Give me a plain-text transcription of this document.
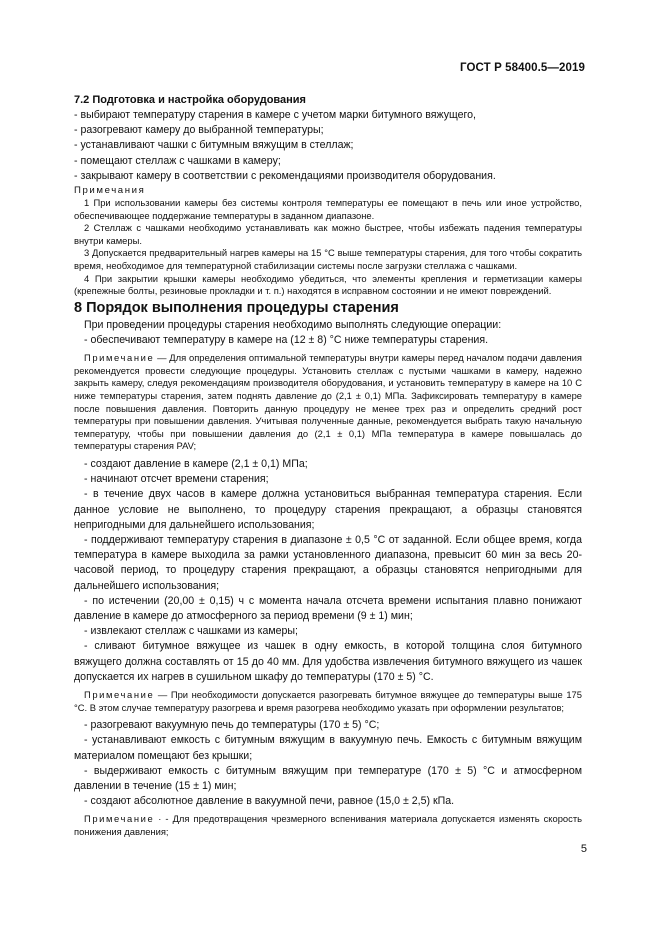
ГОСТ Р 58400.5—2019

7.2 Подготовка и настройка оборудования

- выбирают температуру старения в камере с учетом марки битумного вяжущего,

- разогревают камеру до выбранной температуры;

- устанавливают чашки с битумным вяжущим в стеллаж;

- помещают стеллаж с чашками в камеру;

- закрывают камеру в соответствии с рекомендациями производителя оборудования.

Примечания

1 При использовании камеры без системы контроля температуры ее помещают в печь или иное устройство, обеспечивающее поддержание температуры в заданном диапазоне.

2 Стеллаж с чашками необходимо устанавливать как можно быстрее, чтобы избежать падения температуры внутри камеры.

3 Допускается предварительный нагрев камеры на 15 °С выше температуры старения, для того чтобы сократить время, необходимое для температурной стабилизации системы после загрузки стеллажа с чашками.

4 При закрытии крышки камеры необходимо убедиться, что элементы крепления и герметизации камеры (крепежные болты, резиновые прокладки и т. п.) находятся в исправном состоянии и не имеют повреждений.

8 Порядок выполнения процедуры старения

При проведении процедуры старения необходимо выполнять следующие операции:

- обеспечивают температуру в камере на (12 ± 8) °С ниже температуры старения.

Примечание — Для определения оптимальной температуры внутри камеры перед началом подачи давления рекомендуется провести следующие процедуры. Установить стеллаж с пустыми чашками в камеру, надежно закрыть камеру, следуя рекомендациям производителя оборудования, и установить температуру в камере на 10 С ниже температуры старения, затем поднять давление до (2,1 ± 0,1) МПа. Зафиксировать температуру в камере после повышения давления. Повторить данную процедуру не менее трех раз и определить средний рост температуры при повышении давления. Учитывая полученные данные, рекомендуется выбрать такую начальную температуру, чтобы при повышении давления до (2,1 ± 0,1) МПа температура в камере повышалась до температуры старения PAV;

- создают давление в камере (2,1 ± 0,1) МПа;

- начинают отсчет времени старения;

- в течение двух часов в камере должна установиться выбранная температура старения. Если данное условие не выполнено, то процедуру старения прекращают, а образцы становятся непригодными для дальнейшего использования;

- поддерживают температуру старения в диапазоне ± 0,5 °С от заданной. Если общее время, когда температура в камере выходила за рамки установленного диапазона, превысит 60 мин за весь 20-часовой период, то процедуру старения прекращают, а образцы становятся непригодными для дальнейшего использования;

- по истечении (20,00 ± 0,15) ч с момента начала отсчета времени испытания плавно понижают давление в камере до атмосферного за период времени (9 ± 1) мин;

- извлекают стеллаж с чашками из камеры;

- сливают битумное вяжущее из чашек в одну емкость, в которой толщина слоя битумного вяжущего должна составлять от 15 до 40 мм. Для удобства извлечения битумного вяжущего из чашек допускается их нагрев в сушильном шкафу до температуры (170 ± 5) °С.

Примечание — При необходимости допускается разогревать битумное вяжущее до температуры выше 175 °С. В этом случае температуру разогрева и время разогрева необходимо указать при оформлении результатов;

- разогревают вакуумную печь до температуры (170 ± 5) °С;

- устанавливают емкость с битумным вяжущим в вакуумную печь. Емкость с битумным вяжущим материалом помещают без крышки;

- выдерживают емкость с битумным вяжущим при температуре (170 ± 5) °С и атмосферном давлении в течение (15 ± 1) мин;

- создают абсолютное давление в вакуумной печи, равное (15,0 ± 2,5) кПа.

Примечание · - Для предотвращения чрезмерного вспенивания материала допускается изменять скорость понижения давления;

5
